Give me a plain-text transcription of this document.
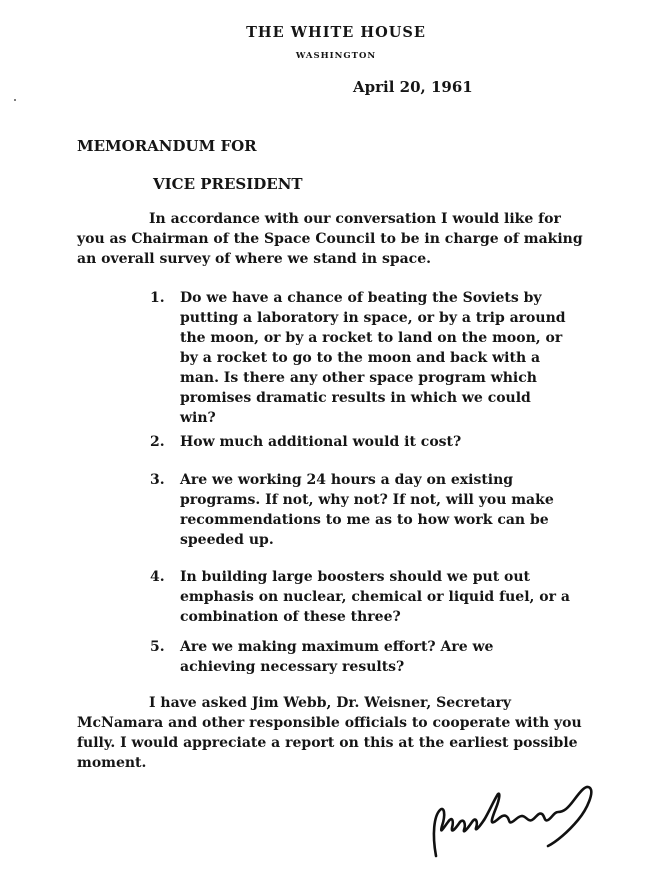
THE WHITE HOUSE
WASHINGTON
April 20, 1961
MEMORANDUM FOR
VICE PRESIDENT
In accordance with our conversation I would like for you as Chairman of the Space Council to be in charge of making an overall survey of where we stand in space.
1. Do we have a chance of beating the Soviets by putting a laboratory in space, or by a trip around the moon, or by a rocket to land on the moon, or by a rocket to go to the moon and back with a man. Is there any other space program which promises dramatic results in which we could win?
2. How much additional would it cost?
3. Are we working 24 hours a day on existing programs. If not, why not? If not, will you make recommendations to me as to how work can be speeded up.
4. In building large boosters should we put out emphasis on nuclear, chemical or liquid fuel, or a combination of these three?
5. Are we making maximum effort? Are we achieving necessary results?
I have asked Jim Webb, Dr. Weisner, Secretary McNamara and other responsible officials to cooperate with you fully. I would appreciate a report on this at the earliest possible moment.
